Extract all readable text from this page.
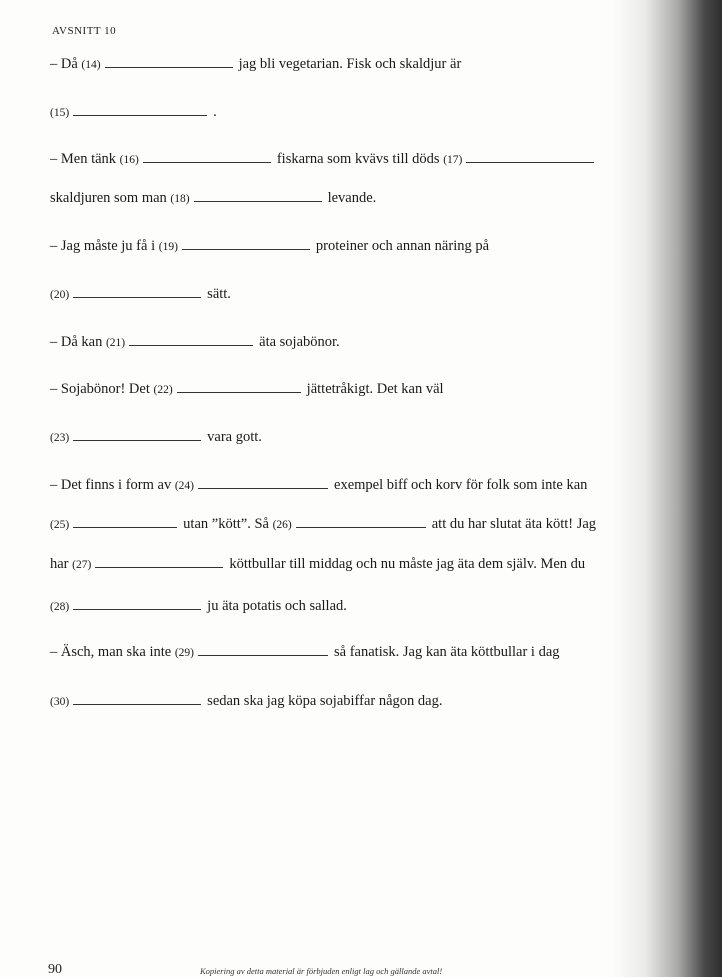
AVSNITT 10
– Då (14)	jag bli vegetarian. Fisk och skaldjur är
(15)	.
– Men tänk (16)	fiskarna som kvävs till döds (17)
skaldjuren som man (18)	levande.
– Jag måste ju få i (19)	proteiner och annan näring på
(20)	sätt.
– Då kan (21)	äta sojabönor.
– Sojabönor! Det (22)	jättetråkigt. Det kan väl
(23)	vara gott.
– Det finns i form av (24)	exempel biff och korv för folk som inte kan
(25)	utan ”kött”. Så (26)	att du har slutat äta kött! Jag
har (27)	köttbullar till middag och nu måste jag äta dem själv. Men du
(28)	ju äta potatis och sallad.
– Äsch, man ska inte (29)	så fanatisk. Jag kan äta köttbullar i dag
(30)	sedan ska jag köpa sojabiffar någon dag.
90	Kopiering av detta material är förbjuden enligt lag och gällande avtal!
